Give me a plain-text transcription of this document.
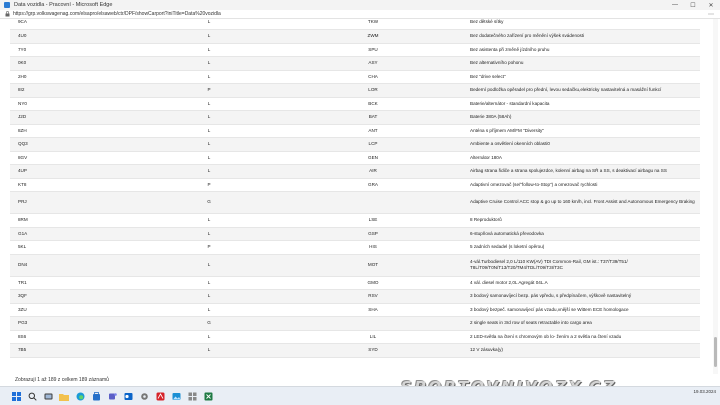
Data vozidla - Pracovní - Microsoft Edge	—	☐	✕
https://grp.volkswagenag.com/elsapro/elsaweb/ctr/DPF/showCarport?iniTitle=Data%20vozidla	⋯
9CA	L	TKW	Bez dětské sítky
4U0	L	ZWM	Bez dodatečného zařízení pro měnění výšek svádenosti
7Y0	L	SPU	Bez asistenta při změně jízdního pruhu
0K0	L	ASY	Bez alternativního pohonu
2H0	L	CHA	Bez "drive select"
8I2	P	LOR	Bederní podložka opěradel pro přední, levou sedačku,elektricky nastavitelná a masážní funkcí
NY0	L	BCK	Baterie/alternátor - standardní kapacita
J2D	L	BAT	Baterie 380A (58Ah)
8ZH	L	ANT	Anténa s příjmem AM/FM "Diversity"
QQ3	L	LCP	Ambiente a osvětlení okenních oblasti0
8GV	L	GEN	Alternátor 180A
4UP	L	AIR	Airbag strana řidiče a strana spolujezdce, kolenní airbag na SŘ a SS, s deaktivací airbagu na SS
KT8	P	GRA	Adaptivní omezovač (se/"follow-to-Stop") a omezovač rychlosti
PRJ	G		Adaptive Cruise Control ACC stop & go up to 160 km/h, incl. Front Assist and Autonomous Emergency Braking
8RM	L	LSE	8 Reproduktorů
G1A	L	GSP	6-stupňová automatická převodovka
5KL	P	HIS	5 zadních sedadel (s loketní opěrou)
DN4	L	MOT	4-vál.Turbodiesel 2,0 L/110 KW(AV) TDI Common-Rail, GM ist.: T37/T39/T51/ T8L/T09/T0N/T13/T20/TM4/TDL/T09/T3I/T3C
TR1	L	GMO	4 vál. diesel motor 2,0L Agregát 04L.A
3QF	L	RSV	3 bodový samonavíjecí bezp. pás vpředu, s předpínačem, výškově nastavitelný
3ZU	L	SHA	3 bodový bezpeč. samonavíjecí pás vzadu,vnější se Wittem ECE homologace
PG3	G		2 single seats in 3rd row of seats retractable into cargo area
8S6	L	LIL	2 LED-světla na čtení s chromovým ob lo- žením a 2 světla na čtení vzadu
7B5	L	SYD	12 V zásuvka(y)
Zobrazují 1 až 189 z celkem 189 záznamů
19.03.2024
